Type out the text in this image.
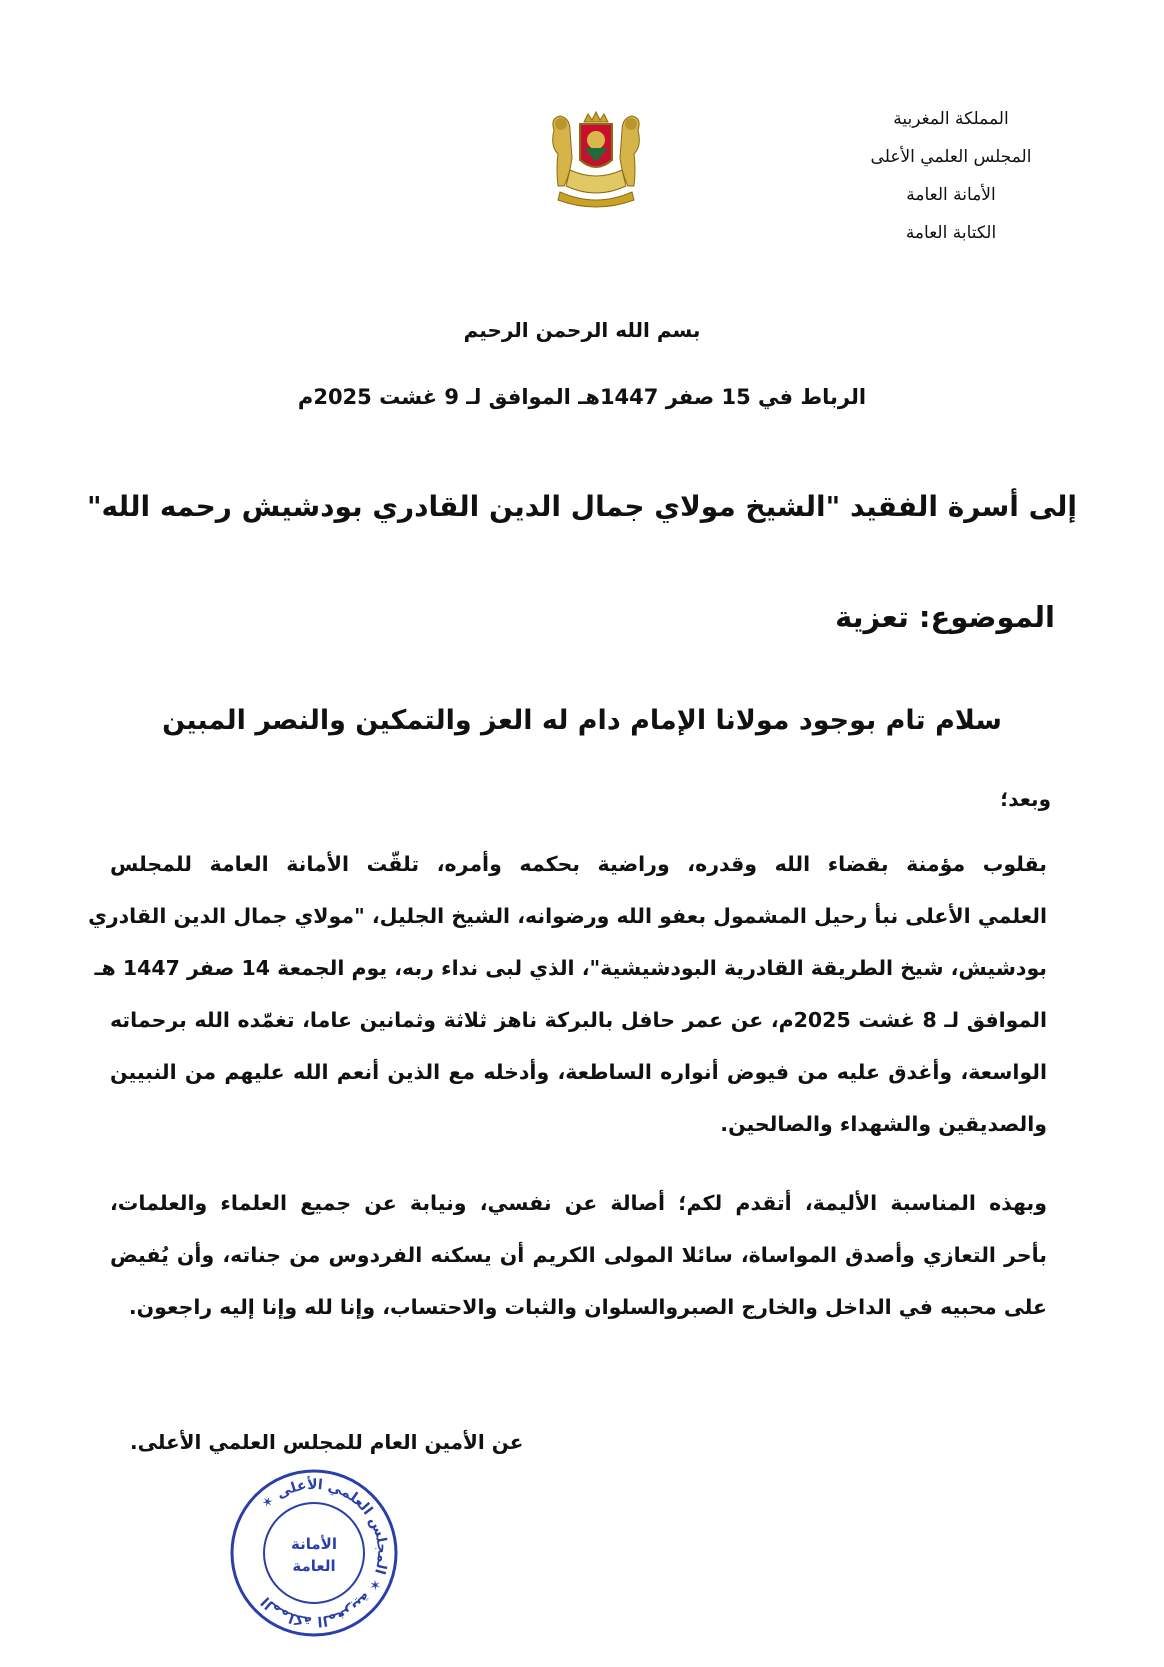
المملكة المغربية

المجلس العلمي الأعلى

الأمانة العامة

الكتابة العامة

بسم الله الرحمن الرحيم
الرباط في 15 صفر 1447هـ الموافق لـ 9 غشت 2025م
إلى أسرة الفقيد "الشيخ مولاي جمال الدين القادري بودشيش رحمه الله"
الموضوع: تعزية
سلام تام بوجود مولانا الإمام دام له العز والتمكين والنصر المبين
وبعد؛
بقلوب مؤمنة بقضاء الله وقدره، وراضية بحكمه وأمره، تلقّت الأمانة العامة للمجلس
العلمي الأعلى نبأ رحيل المشمول بعفو الله ورضوانه، الشيخ الجليل، "مولاي جمال الدين القادري
بودشيش، شيخ الطريقة القادرية البودشيشية"، الذي لبى نداء ربه، يوم الجمعة 14 صفر 1447 هـ
الموافق لـ 8 غشت 2025م، عن عمر حافل بالبركة ناهز ثلاثة وثمانين عاما، تغمّده الله برحماته
الواسعة، وأغدق عليه من فيوض أنواره الساطعة، وأدخله مع الذين أنعم الله عليهم من النبيين
والصديقين والشهداء والصالحين.
وبهذه المناسبة الأليمة، أتقدم لكم؛ أصالة عن نفسي، ونيابة عن جميع العلماء والعلمات،
بأحر التعازي وأصدق المواساة، سائلا المولى الكريم أن يسكنه الفردوس من جناته، وأن يُفيض
على محبيه في الداخل والخارج الصبروالسلوان والثبات والاحتساب، وإنا لله وإنا إليه راجعون.
عن الأمين العام للمجلس العلمي الأعلى.
المملكة المغربية ✶ المجلس العلمي الأعلى ✶
الأمانة
العامة
